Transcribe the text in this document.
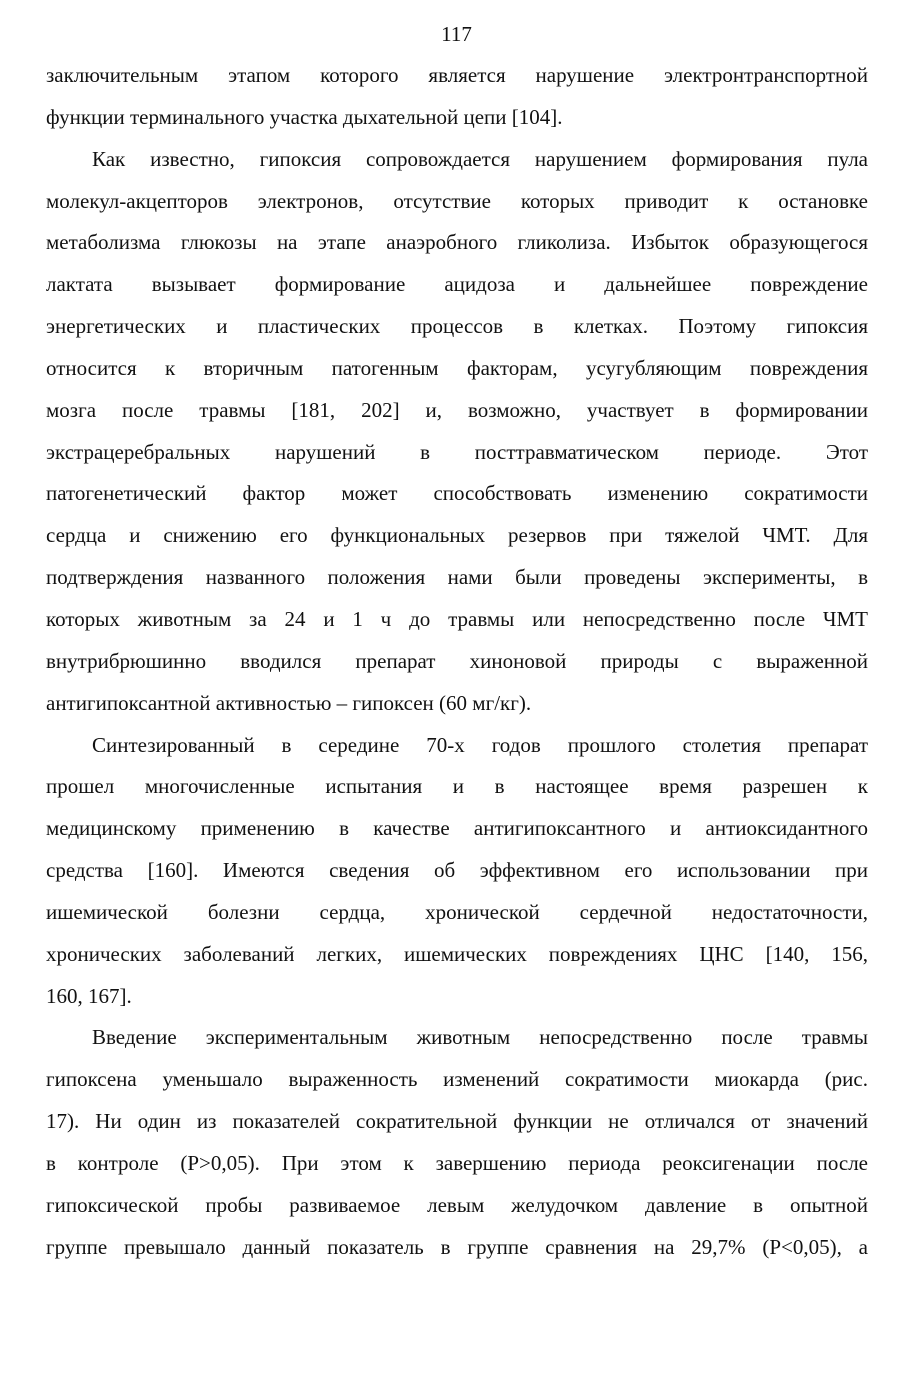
117
заключительным этапом которого является нарушение электронтранспортной
функции терминального участка дыхательной цепи [104].
Как известно, гипоксия сопровождается нарушением формирования пула
молекул-акцепторов электронов, отсутствие которых приводит к остановке
метаболизма глюкозы на этапе анаэробного гликолиза. Избыток образующегося
лактата вызывает формирование ацидоза и дальнейшее повреждение
энергетических и пластических процессов в клетках. Поэтому гипоксия
относится к вторичным патогенным факторам, усугубляющим повреждения
мозга после травмы [181, 202] и, возможно, участвует в формировании
экстрацеребральных нарушений в посттравматическом периоде. Этот
патогенетический фактор может способствовать изменению сократимости
сердца и снижению его функциональных резервов при тяжелой ЧМТ. Для
подтверждения названного положения нами были проведены эксперименты, в
которых животным за 24 и 1 ч до травмы или непосредственно после ЧМТ
внутрибрюшинно вводился препарат хиноновой природы с выраженной
антигипоксантной активностью – гипоксен (60 мг/кг).
Синтезированный в середине 70-х годов прошлого столетия препарат
прошел многочисленные испытания и в настоящее время разрешен к
медицинскому применению в качестве антигипоксантного и антиоксидантного
средства [160]. Имеются сведения об эффективном его использовании при
ишемической болезни сердца, хронической сердечной недостаточности,
хронических заболеваний легких, ишемических повреждениях ЦНС [140, 156,
160, 167].
Введение экспериментальным животным непосредственно после травмы
гипоксена уменьшало выраженность изменений сократимости миокарда (рис.
17). Ни один из показателей сократительной функции не отличался от значений
в контроле (P>0,05). При этом к завершению периода реоксигенации после
гипоксической пробы развиваемое левым желудочком давление в опытной
группе превышало данный показатель в группе сравнения на 29,7% (P<0,05), а
